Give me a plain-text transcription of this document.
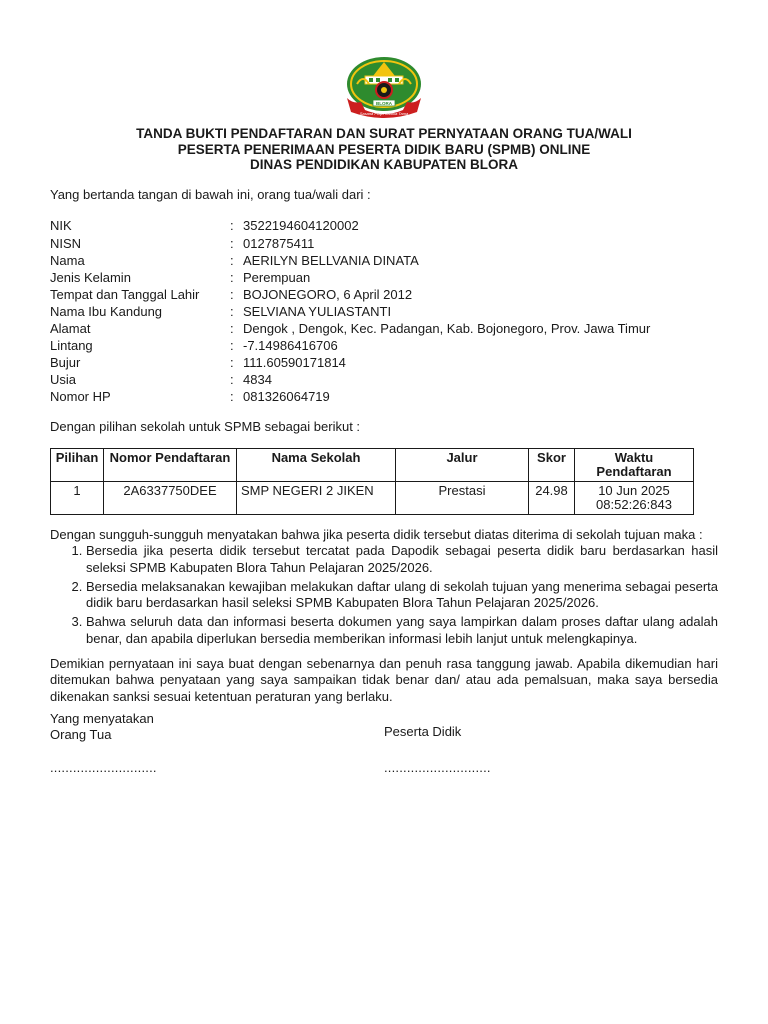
BLORA
Sasana Praja Kartika Tama
TANDA BUKTI PENDAFTARAN DAN SURAT PERNYATAAN ORANG TUA/WALI
PESERTA PENERIMAAN PESERTA DIDIK BARU (SPMB) ONLINE
DINAS PENDIDIKAN KABUPATEN BLORA
Yang bertanda tangan di bawah ini, orang tua/wali dari :
NIK	: 3522194604120002
NISN	: 0127875411
Nama	: AERILYN BELLVANIA DINATA
Jenis Kelamin	: Perempuan
Tempat dan Tanggal Lahir	: BOJONEGORO, 6 April 2012
Nama Ibu Kandung	: SELVIANA YULIASTANTI
Alamat	: Dengok , Dengok, Kec. Padangan, Kab. Bojonegoro, Prov. Jawa Timur
Lintang	: -7.14986416706
Bujur	: 111.60590171814
Usia	: 4834
Nomor HP	: 081326064719
Dengan pilihan sekolah untuk SPMB sebagai berikut :
Pilihan	Nomor Pendaftaran	Nama Sekolah	Jalur	Skor	Waktu
Pendaftaran
1	2A6337750DEE	SMP NEGERI 2 JIKEN	Prestasi	24.98	10 Jun 2025
08:52:26:843

Dengan sungguh-sungguh menyatakan bahwa jika peserta didik tersebut diatas diterima di sekolah tujuan maka :

1. Bersedia jika peserta didik tersebut tercatat pada Dapodik sebagai peserta didik baru berdasarkan hasil seleksi SPMB Kabupaten Blora Tahun Pelajaran 2025/2026.
2. Bersedia melaksanakan kewajiban melakukan daftar ulang di sekolah tujuan yang menerima sebagai peserta didik baru berdasarkan hasil seleksi SPMB Kabupaten Blora Tahun Pelajaran 2025/2026.
3. Bahwa seluruh data dan informasi beserta dokumen yang saya lampirkan dalam proses daftar ulang adalah benar, dan apabila diperlukan bersedia memberikan informasi lebih lanjut untuk melengkapinya.

Demikian pernyataan ini saya buat dengan sebenarnya dan penuh rasa tanggung jawab. Apabila dikemudian hari ditemukan bahwa penyataan yang saya sampaikan tidak benar dan/ atau ada pemalsuan, maka saya bersedia dikenakan sanksi sesuai ketentuan peraturan yang berlaku.

Yang menyatakan
Orang Tua	Peserta Didik
............................	............................
